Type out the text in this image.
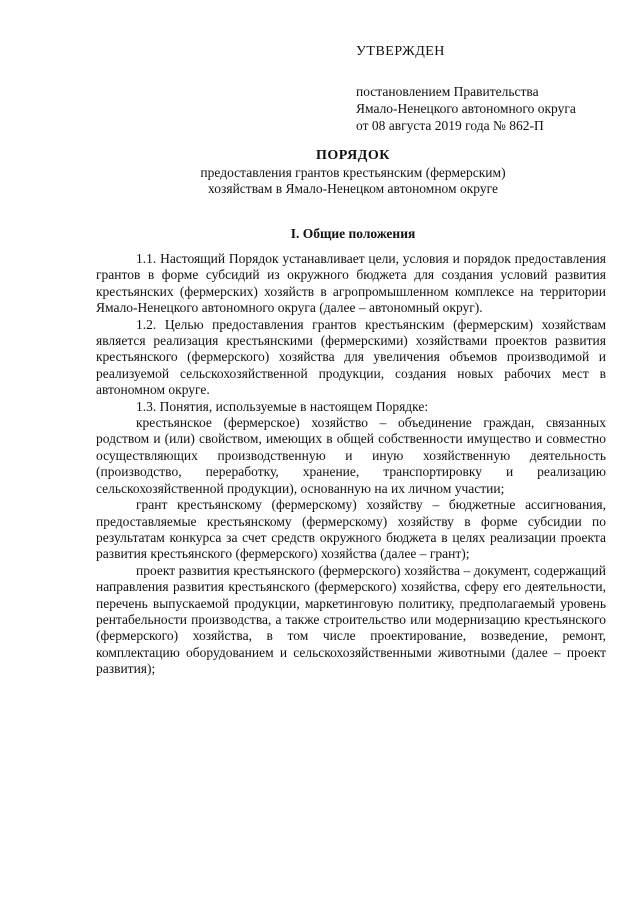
УТВЕРЖДЕН
постановлением Правительства
Ямало-Ненецкого автономного округа
от 08 августа 2019 года № 862-П
ПОРЯДОК
предоставления грантов крестьянским (фермерским)
хозяйствам в Ямало-Ненецком автономном округе
I. Общие положения

1.1. Настоящий Порядок устанавливает цели, условия и порядок предоставления грантов в форме субсидий из окружного бюджета для создания условий развития крестьянских (фермерских) хозяйств в агропромышленном комплексе на территории Ямало-Ненецкого автономного округа (далее – автономный округ).

1.2. Целью предоставления грантов крестьянским (фермерским) хозяйствам является реализация крестьянскими (фермерскими) хозяйствами проектов развития крестьянского (фермерского) хозяйства для увеличения объемов производимой и реализуемой сельскохозяйственной продукции, создания новых рабочих мест в автономном округе.

1.3. Понятия, используемые в настоящем Порядке:

крестьянское (фермерское) хозяйство – объединение граждан, связанных родством и (или) свойством, имеющих в общей собственности имущество и совместно осуществляющих производственную и иную хозяйственную деятельность (производство, переработку, хранение, транспортировку и реализацию сельскохозяйственной продукции), основанную на их личном участии;

грант крестьянскому (фермерскому) хозяйству – бюджетные ассигнования, предоставляемые крестьянскому (фермерскому) хозяйству в форме субсидии по результатам конкурса за счет средств окружного бюджета в целях реализации проекта развития крестьянского (фермерского) хозяйства (далее – грант);

проект развития крестьянского (фермерского) хозяйства – документ, содержащий направления развития крестьянского (фермерского) хозяйства, сферу его деятельности, перечень выпускаемой продукции, маркетинговую политику, предполагаемый уровень рентабельности производства, а также строительство или модернизацию крестьянского (фермерского) хозяйства, в том числе проектирование, возведение, ремонт, комплектацию оборудованием и сельскохозяйственными животными (далее – проект развития);
